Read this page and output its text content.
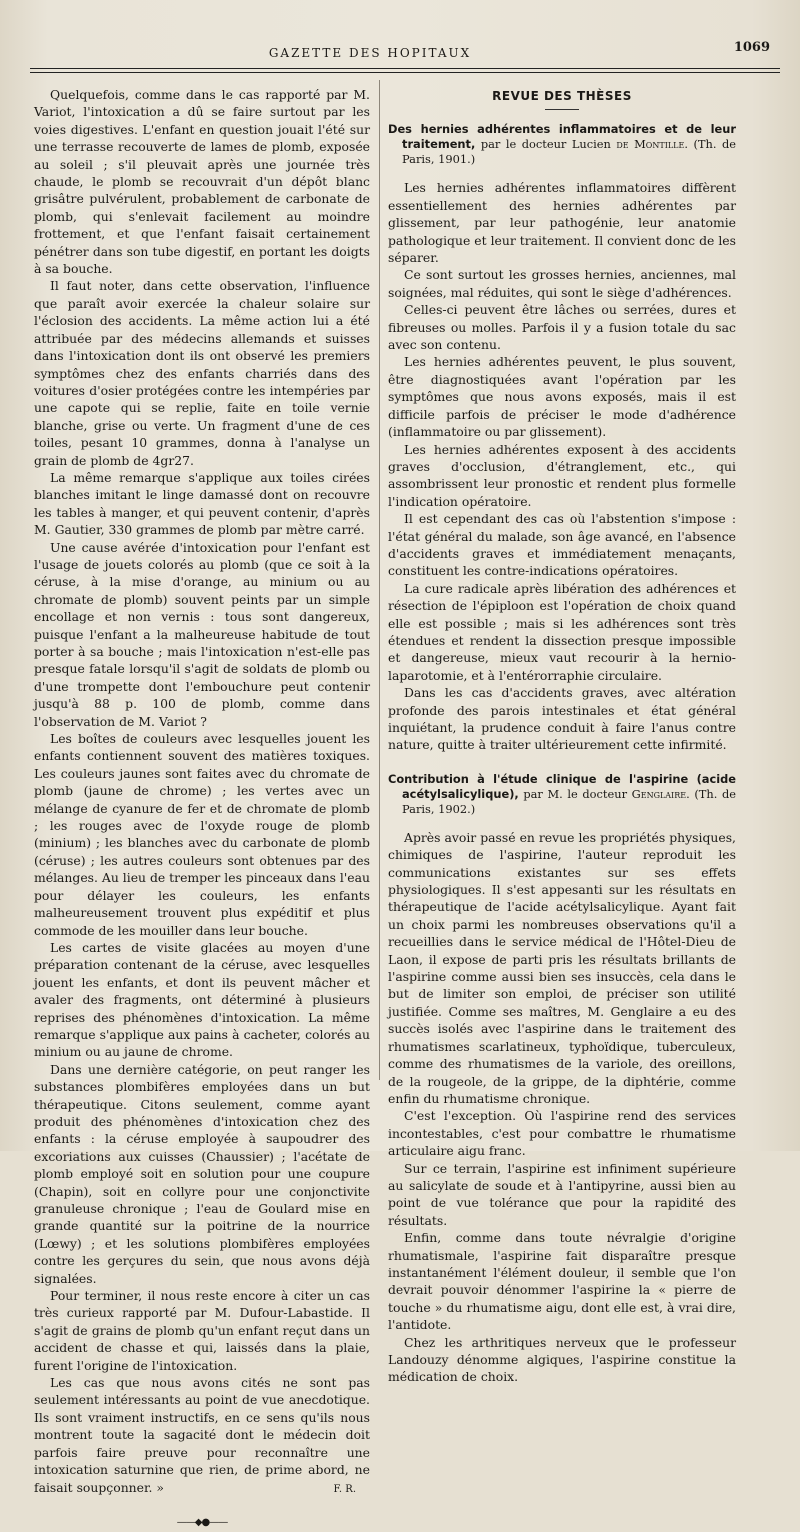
GAZETTE DES HOPITAUX	1069

Quelquefois, comme dans le cas rapporté par M. Variot, l'intoxication a dû se faire surtout par les voies digestives. L'enfant en question jouait l'été sur une terrasse recouverte de lames de plomb, exposée au soleil ; s'il pleuvait après une journée très chaude, le plomb se recouvrait d'un dépôt blanc grisâtre pulvérulent, probablement de carbonate de plomb, qui s'enlevait facilement au moindre frottement, et que l'enfant faisait certainement pénétrer dans son tube digestif, en portant les doigts à sa bouche.

Il faut noter, dans cette observation, l'influence que paraît avoir exercée la chaleur solaire sur l'éclosion des accidents. La même action lui a été attribuée par des médecins allemands et suisses dans l'intoxication dont ils ont observé les premiers symptômes chez des enfants charriés dans des voitures d'osier protégées contre les intempéries par une capote qui se replie, faite en toile vernie blanche, grise ou verte. Un fragment d'une de ces toiles, pesant 10 grammes, donna à l'analyse un grain de plomb de 4gr27.

La même remarque s'applique aux toiles cirées blanches imitant le linge damassé dont on recouvre les tables à manger, et qui peuvent contenir, d'après M. Gautier, 330 grammes de plomb par mètre carré.

Une cause avérée d'intoxication pour l'enfant est l'usage de jouets colorés au plomb (que ce soit à la céruse, à la mise d'orange, au minium ou au chromate de plomb) souvent peints par un simple encollage et non vernis : tous sont dangereux, puisque l'enfant a la malheureuse habitude de tout porter à sa bouche ; mais l'intoxication n'est-elle pas presque fatale lorsqu'il s'agit de soldats de plomb ou d'une trompette dont l'embouchure peut contenir jusqu'à 88 p. 100 de plomb, comme dans l'observation de M. Variot ?

Les boîtes de couleurs avec lesquelles jouent les enfants contiennent souvent des matières toxiques. Les couleurs jaunes sont faites avec du chromate de plomb (jaune de chrome) ; les vertes avec un mélange de cyanure de fer et de chromate de plomb ; les rouges avec de l'oxyde rouge de plomb (minium) ; les blanches avec du carbonate de plomb (céruse) ; les autres couleurs sont obtenues par des mélanges. Au lieu de tremper les pinceaux dans l'eau pour délayer les couleurs, les enfants malheureusement trouvent plus expéditif et plus commode de les mouiller dans leur bouche.

Les cartes de visite glacées au moyen d'une préparation contenant de la céruse, avec lesquelles jouent les enfants, et dont ils peuvent mâcher et avaler des fragments, ont déterminé à plusieurs reprises des phénomènes d'intoxication. La même remarque s'applique aux pains à cacheter, colorés au minium ou au jaune de chrome.

Dans une dernière catégorie, on peut ranger les substances plombifères employées dans un but thérapeutique. Citons seulement, comme ayant produit des phénomènes d'intoxication chez des enfants : la céruse employée à saupoudrer des excoriations aux cuisses (Chaussier) ; l'acétate de plomb employé soit en solution pour une coupure (Chapin), soit en collyre pour une conjonctivite granuleuse chronique ; l'eau de Goulard mise en grande quantité sur la poitrine de la nourrice (Lœwy) ; et les solutions plombifères employées contre les gerçures du sein, que nous avons déjà signalées.

Pour terminer, il nous reste encore à citer un cas très curieux rapporté par M. Dufour-Labastide. Il s'agit de grains de plomb qu'un enfant reçut dans un accident de chasse et qui, laissés dans la plaie, furent l'origine de l'intoxication.

Les cas que nous avons cités ne sont pas seulement intéressants au point de vue anecdotique. Ils sont vraiment instructifs, en ce sens qu'ils nous montrent toute la sagacité dont le médecin doit parfois faire preuve pour reconnaître une intoxication saturnine que rien, de prime abord, ne faisait soupçonner. »	F. R.
——◆●——
REVUE DES THÈSES

Des hernies adhérentes inflammatoires et de leur traitement, par le docteur Lucien de Montille. (Th. de Paris, 1901.)

Les hernies adhérentes inflammatoires diffèrent essentiellement des hernies adhérentes par glissement, par leur pathogénie, leur anatomie pathologique et leur traitement. Il convient donc de les séparer.

Ce sont surtout les grosses hernies, anciennes, mal soignées, mal réduites, qui sont le siège d'adhérences.

Celles-ci peuvent être lâches ou serrées, dures et fibreuses ou molles. Parfois il y a fusion totale du sac avec son contenu.

Les hernies adhérentes peuvent, le plus souvent, être diagnostiquées avant l'opération par les symptômes que nous avons exposés, mais il est difficile parfois de préciser le mode d'adhérence (inflammatoire ou par glissement).

Les hernies adhérentes exposent à des accidents graves d'occlusion, d'étranglement, etc., qui assombrissent leur pronostic et rendent plus formelle l'indication opératoire.

Il est cependant des cas où l'abstention s'impose : l'état général du malade, son âge avancé, en l'absence d'accidents graves et immédiatement menaçants, constituent les contre-indications opératoires.

La cure radicale après libération des adhérences et résection de l'épiploon est l'opération de choix quand elle est possible ; mais si les adhérences sont très étendues et rendent la dissection presque impossible et dangereuse, mieux vaut recourir à la hernio-laparotomie, et à l'entérorraphie circulaire.

Dans les cas d'accidents graves, avec altération profonde des parois intestinales et état général inquiétant, la prudence conduit à faire l'anus contre nature, quitte à traiter ultérieurement cette infirmité.

Contribution à l'étude clinique de l'aspirine (acide acétylsalicylique), par M. le docteur Genglaire. (Th. de Paris, 1902.)

Après avoir passé en revue les propriétés physiques, chimiques de l'aspirine, l'auteur reproduit les communications existantes sur ses effets physiologiques. Il s'est appesanti sur les résultats en thérapeutique de l'acide acétylsalicylique. Ayant fait un choix parmi les nombreuses observations qu'il a recueillies dans le service médical de l'Hôtel-Dieu de Laon, il expose de parti pris les résultats brillants de l'aspirine comme aussi bien ses insuccès, cela dans le but de limiter son emploi, de préciser son utilité justifiée. Comme ses maîtres, M. Genglaire a eu des succès isolés avec l'aspirine dans le traitement des rhumatismes scarlatineux, typhoïdique, tuberculeux, comme des rhumatismes de la variole, des oreillons, de la rougeole, de la grippe, de la diphtérie, comme enfin du rhumatisme chronique.

C'est l'exception. Où l'aspirine rend des services incontestables, c'est pour combattre le rhumatisme articulaire aigu franc.

Sur ce terrain, l'aspirine est infiniment supérieure au salicylate de soude et à l'antipyrine, aussi bien au point de vue tolérance que pour la rapidité des résultats.

Enfin, comme dans toute névralgie d'origine rhumatismale, l'aspirine fait disparaître presque instantanément l'élément douleur, il semble que l'on devrait pouvoir dénommer l'aspirine la « pierre de touche » du rhumatisme aigu, dont elle est, à vrai dire, l'antidote.

Chez les arthritiques nerveux que le professeur Landouzy dénomme algiques, l'aspirine constitue la médication de choix.
